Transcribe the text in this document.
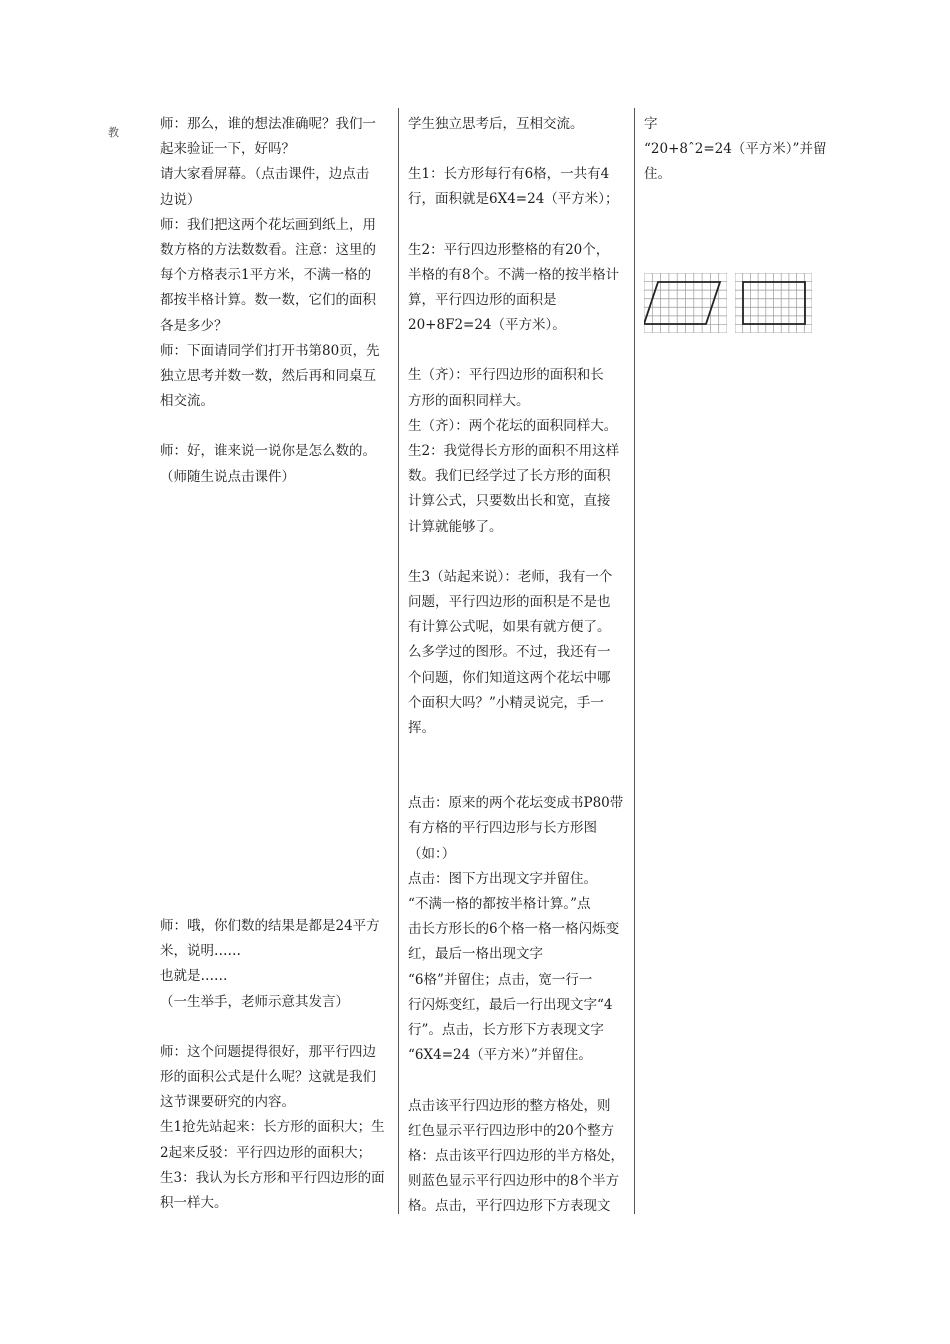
教

师：那么，谁的想法准确呢？我们一

起来验证一下，好吗？

请大家看屏幕。（点击课件，边点击

边说）

师：我们把这两个花坛画到纸上，用

数方格的方法数数看。注意：这里的

每个方格表示1平方米，不满一格的

都按半格计算。数一数，它们的面积

各是多少？

师：下面请同学们打开书第80页，先

独立思考并数一数，然后再和同桌互

相交流。

师：好，谁来说一说你是怎么数的。

（师随生说点击课件）

师：哦，你们数的结果是都是24平方

米，说明……

也就是……

（一生举手，老师示意其发言）

师：这个问题提得很好，那平行四边

形的面积公式是什么呢？这就是我们

这节课要研究的内容。

生1抢先站起来：长方形的面积大；生

2起来反驳：平行四边形的面积大；

生3：我认为长方形和平行四边形的面

积一样大。

学生独立思考后，互相交流。

生1：长方形每行有6格，一共有4

行，面积就是6X4=24（平方米）；

生2：平行四边形整格的有20个，

半格的有8个。不满一格的按半格计

算，平行四边形的面积是

20+8F2=24（平方米）。

生（齐）：平行四边形的面积和长

方形的面积同样大。

生（齐）：两个花坛的面积同样大。

生2：我觉得长方形的面积不用这样

数。我们已经学过了长方形的面积

计算公式，只要数出长和宽，直接

计算就能够了。

生3（站起来说）：老师，我有一个

问题，平行四边形的面积是不是也

有计算公式呢，如果有就方便了。

么多学过的图形。不过，我还有一

个问题，你们知道这两个花坛中哪

个面积大吗？”小精灵说完，手一

挥。

点击：原来的两个花坛变成书P80带

有方格的平行四边形与长方形图

（如：）

点击：图下方出现文字并留住。

“不满一格的都按半格计算。”点

击长方形长的6个格一格一格闪烁变

红，最后一格出现文字

“6格”并留住；点击，宽一行一

行闪烁变红，最后一行出现文字“4

行”。点击，长方形下方表现文字

“6X4=24（平方米）”并留住。

点击该平行四边形的整方格处，则

红色显示平行四边形中的20个整方

格：点击该平行四边形的半方格处，

则蓝色显示平行四边形中的8个半方

格。点击，平行四边形下方表现文

字

“20+8ˆ2=24（平方米）”并留

住。
